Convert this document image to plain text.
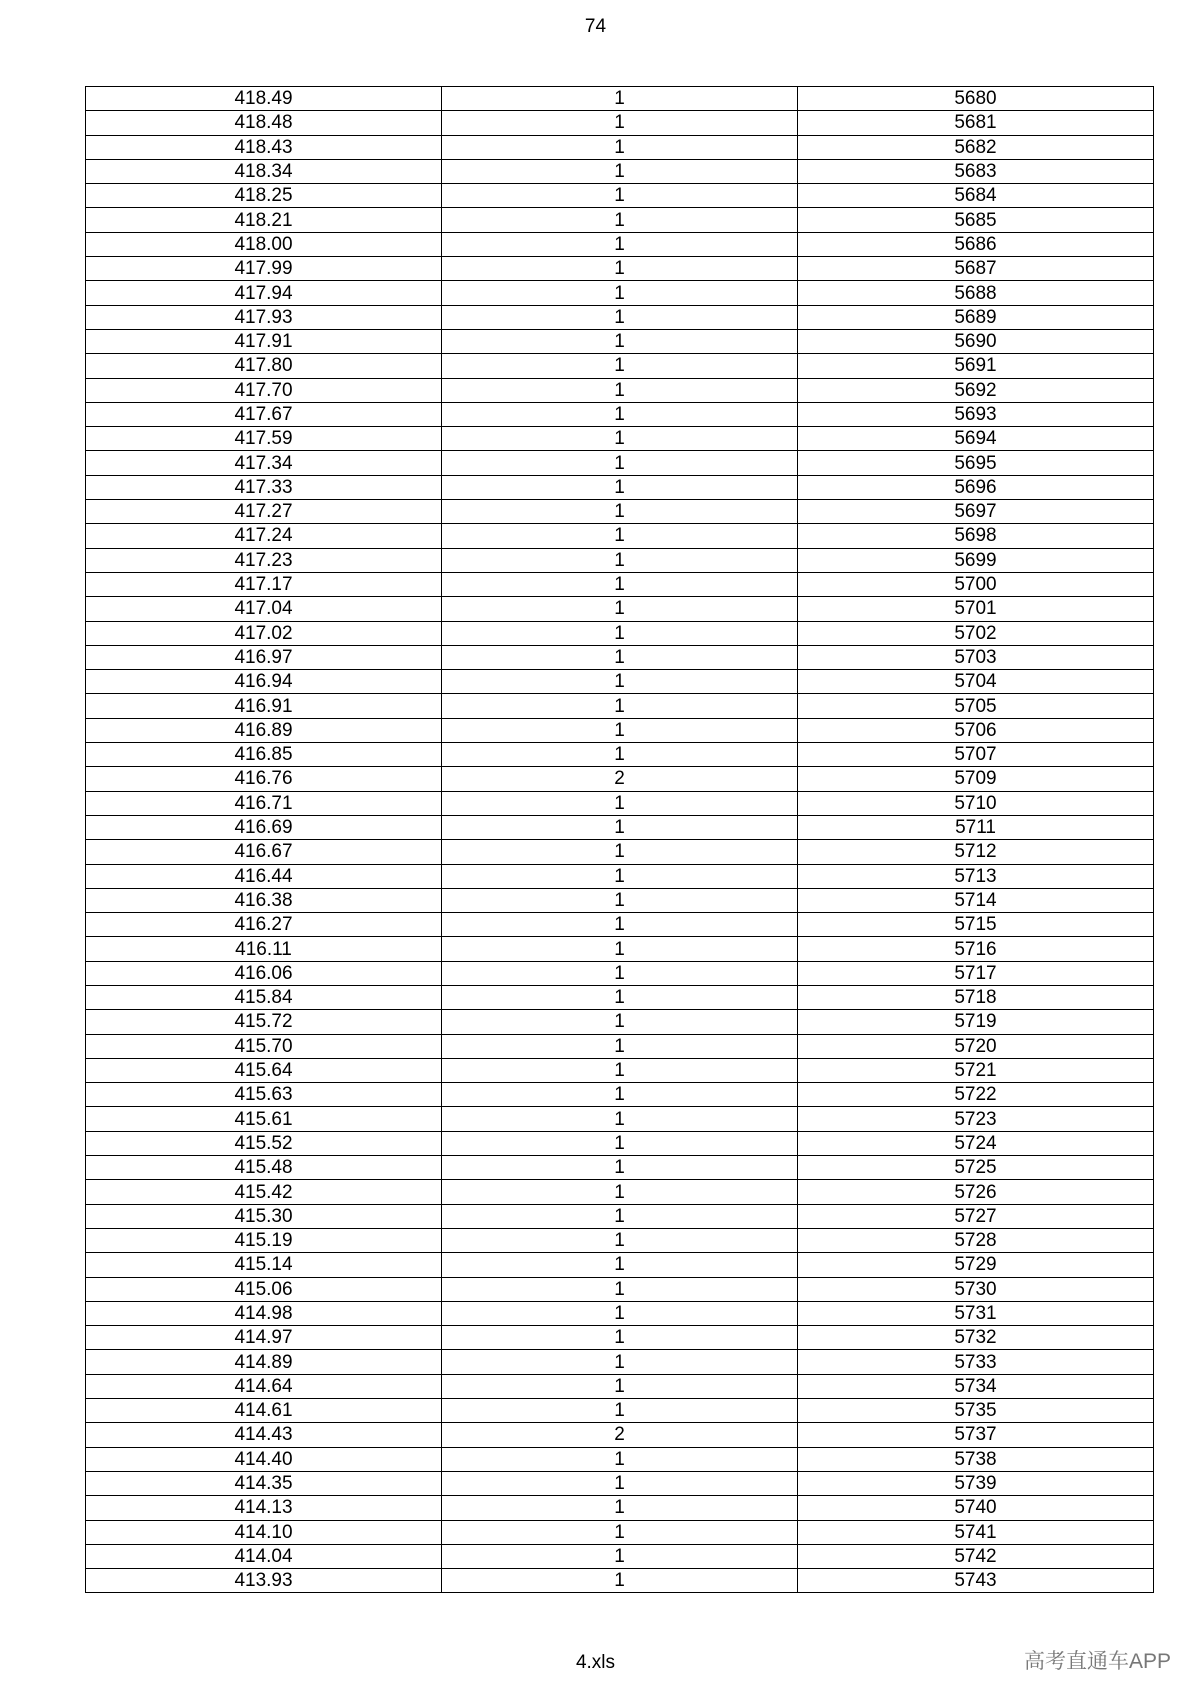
74
418.49	1	5680
418.48	1	5681
418.43	1	5682
418.34	1	5683
418.25	1	5684
418.21	1	5685
418.00	1	5686
417.99	1	5687
417.94	1	5688
417.93	1	5689
417.91	1	5690
417.80	1	5691
417.70	1	5692
417.67	1	5693
417.59	1	5694
417.34	1	5695
417.33	1	5696
417.27	1	5697
417.24	1	5698
417.23	1	5699
417.17	1	5700
417.04	1	5701
417.02	1	5702
416.97	1	5703
416.94	1	5704
416.91	1	5705
416.89	1	5706
416.85	1	5707
416.76	2	5709
416.71	1	5710
416.69	1	5711
416.67	1	5712
416.44	1	5713
416.38	1	5714
416.27	1	5715
416.11	1	5716
416.06	1	5717
415.84	1	5718
415.72	1	5719
415.70	1	5720
415.64	1	5721
415.63	1	5722
415.61	1	5723
415.52	1	5724
415.48	1	5725
415.42	1	5726
415.30	1	5727
415.19	1	5728
415.14	1	5729
415.06	1	5730
414.98	1	5731
414.97	1	5732
414.89	1	5733
414.64	1	5734
414.61	1	5735
414.43	2	5737
414.40	1	5738
414.35	1	5739
414.13	1	5740
414.10	1	5741
414.04	1	5742
413.93	1	5743
4.xls	高考直通车APP
